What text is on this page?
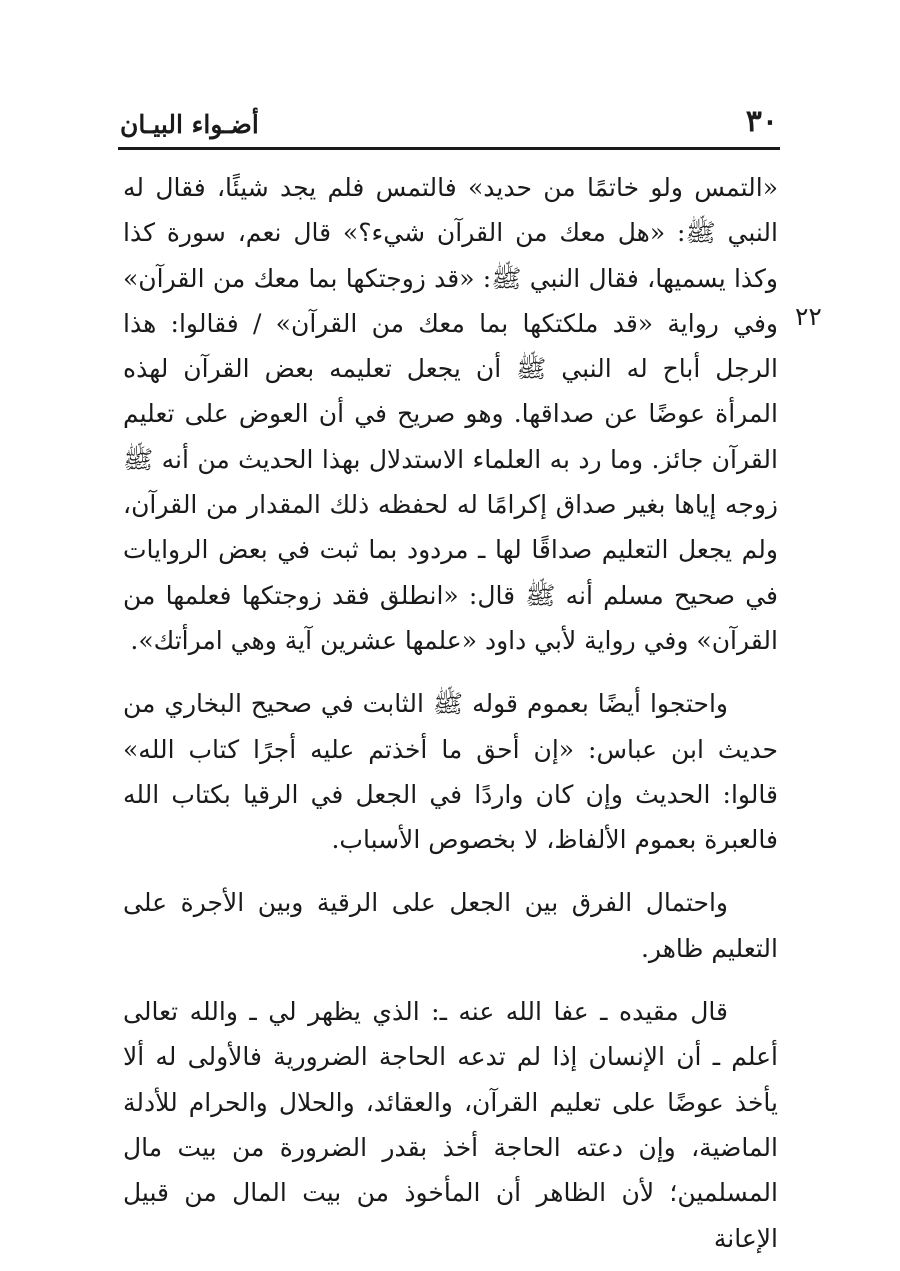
٣٠
أضـواء البيـان
٢٢

«التمس ولو خاتمًا من حديد» فالتمس فلم يجد شيئًا، فقال له النبي ﷺ: «هل معك من القرآن شيء؟» قال نعم، سورة كذا وكذا يسميها، فقال النبي ﷺ: «قد زوجتكها بما معك من القرآن» وفي رواية «قد ملكتكها بما معك من القرآن» / فقالوا: هذا الرجل أباح له النبي ﷺ أن يجعل تعليمه بعض القرآن لهذه المرأة عوضًا عن صداقها. وهو صريح في أن العوض على تعليم القرآن جائز. وما رد به العلماء الاستدلال بهذا الحديث من أنه ﷺ زوجه إياها بغير صداق إكرامًا له لحفظه ذلك المقدار من القرآن، ولم يجعل التعليم صداقًا لها ـ مردود بما ثبت في بعض الروايات في صحيح مسلم أنه ﷺ قال: «انطلق فقد زوجتكها فعلمها من القرآن» وفي رواية لأبي داود «علمها عشرين آية وهي امرأتك».

واحتجوا أيضًا بعموم قوله ﷺ الثابت في صحيح البخاري من حديث ابن عباس: «إن أحق ما أخذتم عليه أجرًا كتاب الله» قالوا: الحديث وإن كان واردًا في الجعل في الرقيا بكتاب الله فالعبرة بعموم الألفاظ، لا بخصوص الأسباب.

واحتمال الفرق بين الجعل على الرقية وبين الأجرة على التعليم ظاهر.

قال مقيده ـ عفا الله عنه ـ: الذي يظهر لي ـ والله تعالى أعلم ـ أن الإنسان إذا لم تدعه الحاجة الضرورية فالأولى له ألا يأخذ عوضًا على تعليم القرآن، والعقائد، والحلال والحرام للأدلة الماضية، وإن دعته الحاجة أخذ بقدر الضرورة من بيت مال المسلمين؛ لأن الظاهر أن المأخوذ من بيت المال من قبيل الإعانة
